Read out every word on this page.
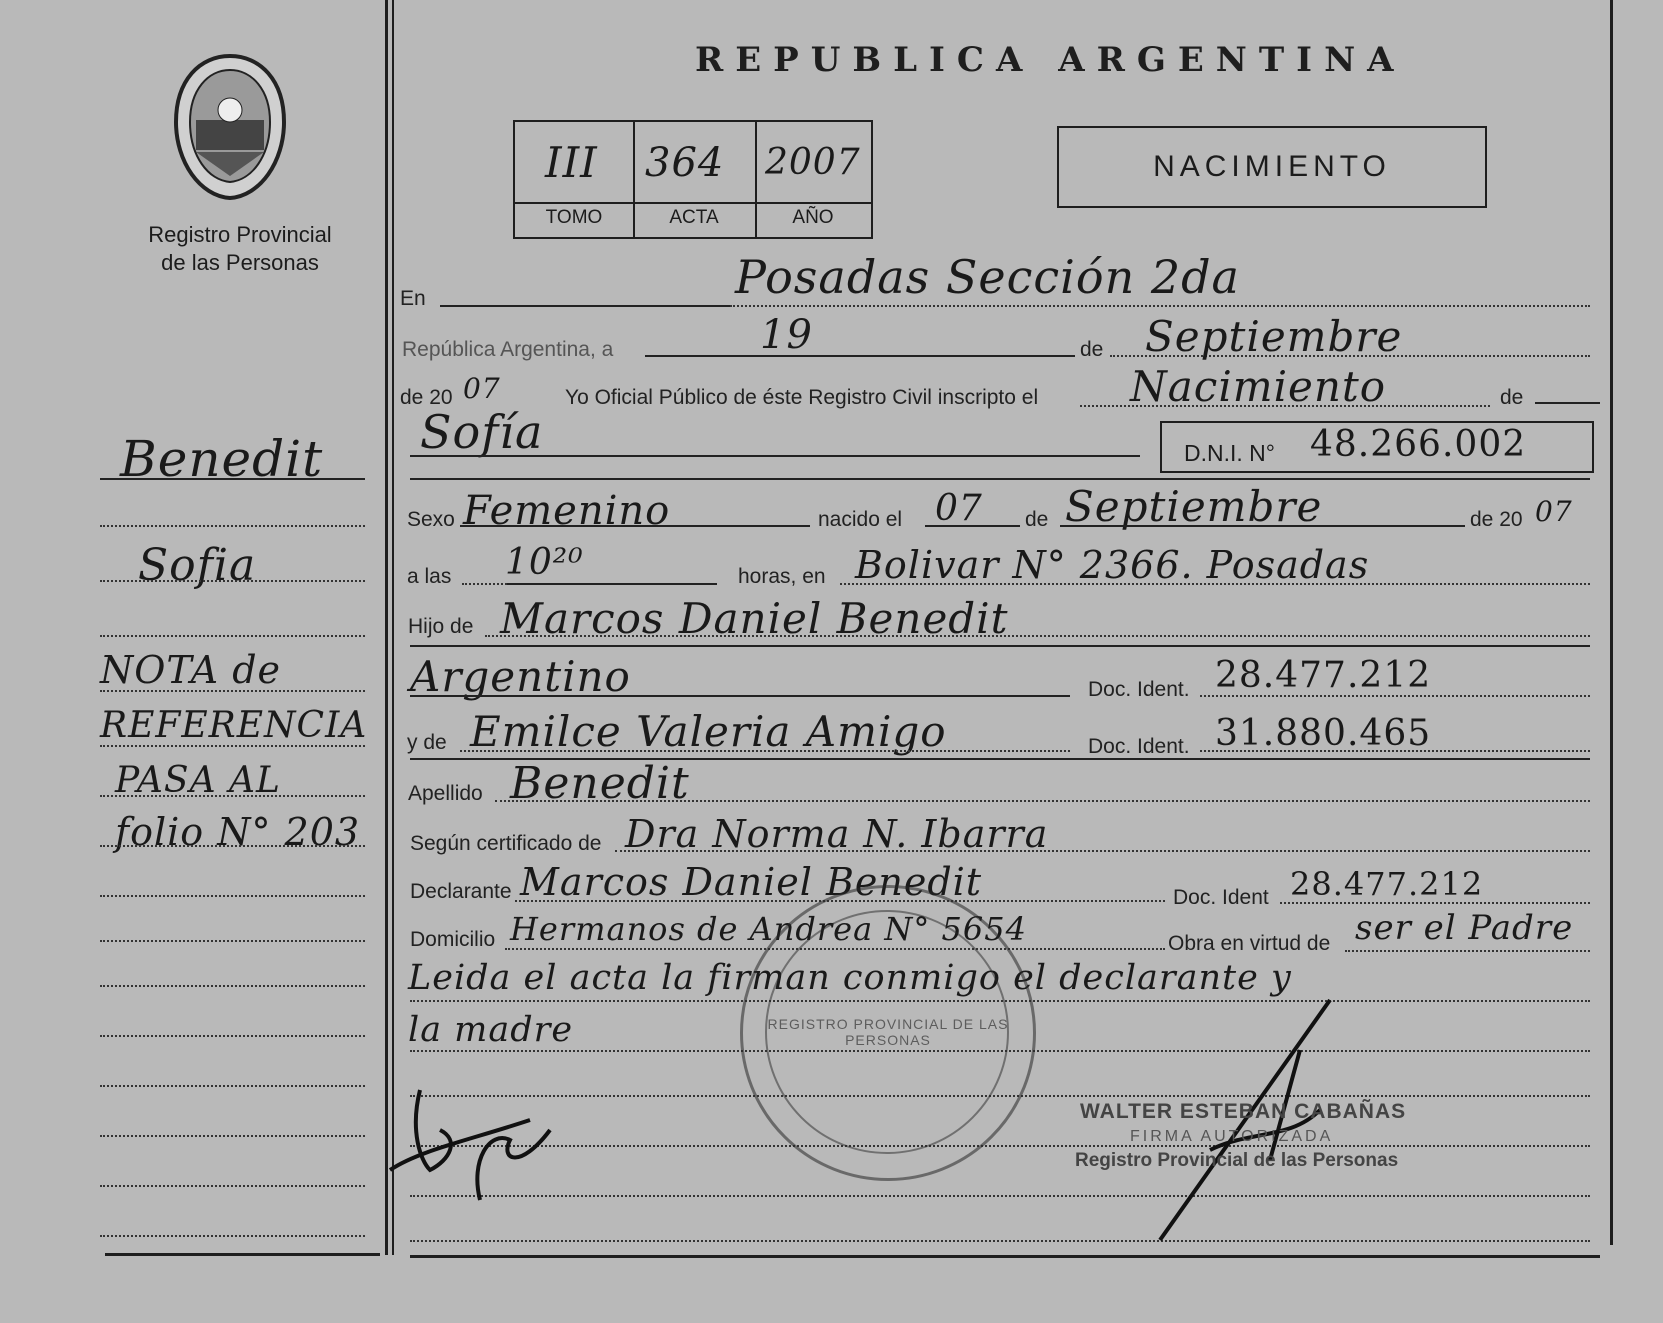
Registro Provincial
de las Personas
REPUBLICA ARGENTINA
III 364 2007
TOMO	ACTA	AÑO
NACIMIENTO
En	Posadas Sección 2da
República Argentina, a	19	de Septiembre
de 20 07	Yo Oficial Público de éste Registro Civil inscripto el Nacimiento	de
Sofía	D.N.I. N° 48.266.002
Sexo Femenino	nacido el 07 de Septiembre	de 20 07
a las 10²⁰	horas, en Bolivar N° 2366. Posadas
Hijo de Marcos Daniel Benedit
Argentino	Doc. Ident. 28.477.212
y de Emilce Valeria Amigo	Doc. Ident. 31.880.465
Apellido Benedit
Según certificado de Dra Norma N. Ibarra
Declarante Marcos Daniel Benedit	Doc. Ident 28.477.212
Domicilio Hermanos de Andrea N° 5654	Obra en virtud de ser el Padre
Leida el acta la firman conmigo el declarante y
la madre
Benedit
Sofia
NOTA de
REFERENCIA
PASA AL
folio N° 203
REGISTRO PROVINCIAL DE LAS PERSONAS
WALTER ESTEBAN CABAÑAS
FIRMA AUTORIZADA
Registro Provincial de las Personas
